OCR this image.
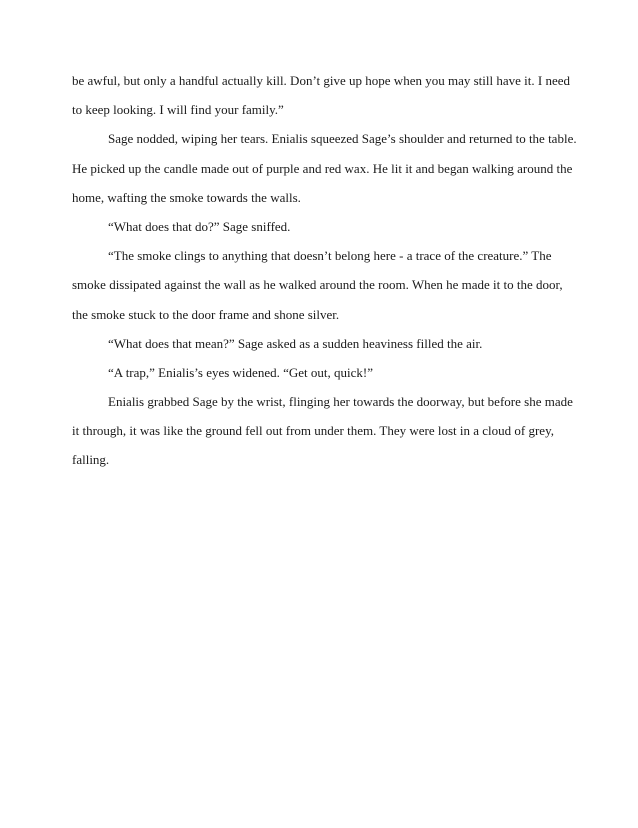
be awful, but only a handful actually kill. Don’t give up hope when you may still have it. I need
to keep looking. I will find your family.”
Sage nodded, wiping her tears. Enialis squeezed Sage’s shoulder and returned to the table.
He picked up the candle made out of purple and red wax. He lit it and began walking around the
home, wafting the smoke towards the walls.
“What does that do?” Sage sniffed.
“The smoke clings to anything that doesn’t belong here - a trace of the creature.” The
smoke dissipated against the wall as he walked around the room. When he made it to the door,
the smoke stuck to the door frame and shone silver.
“What does that mean?” Sage asked as a sudden heaviness filled the air.
“A trap,” Enialis’s eyes widened. “Get out, quick!”
Enialis grabbed Sage by the wrist, flinging her towards the doorway, but before she made
it through, it was like the ground fell out from under them. They were lost in a cloud of grey,
falling.
